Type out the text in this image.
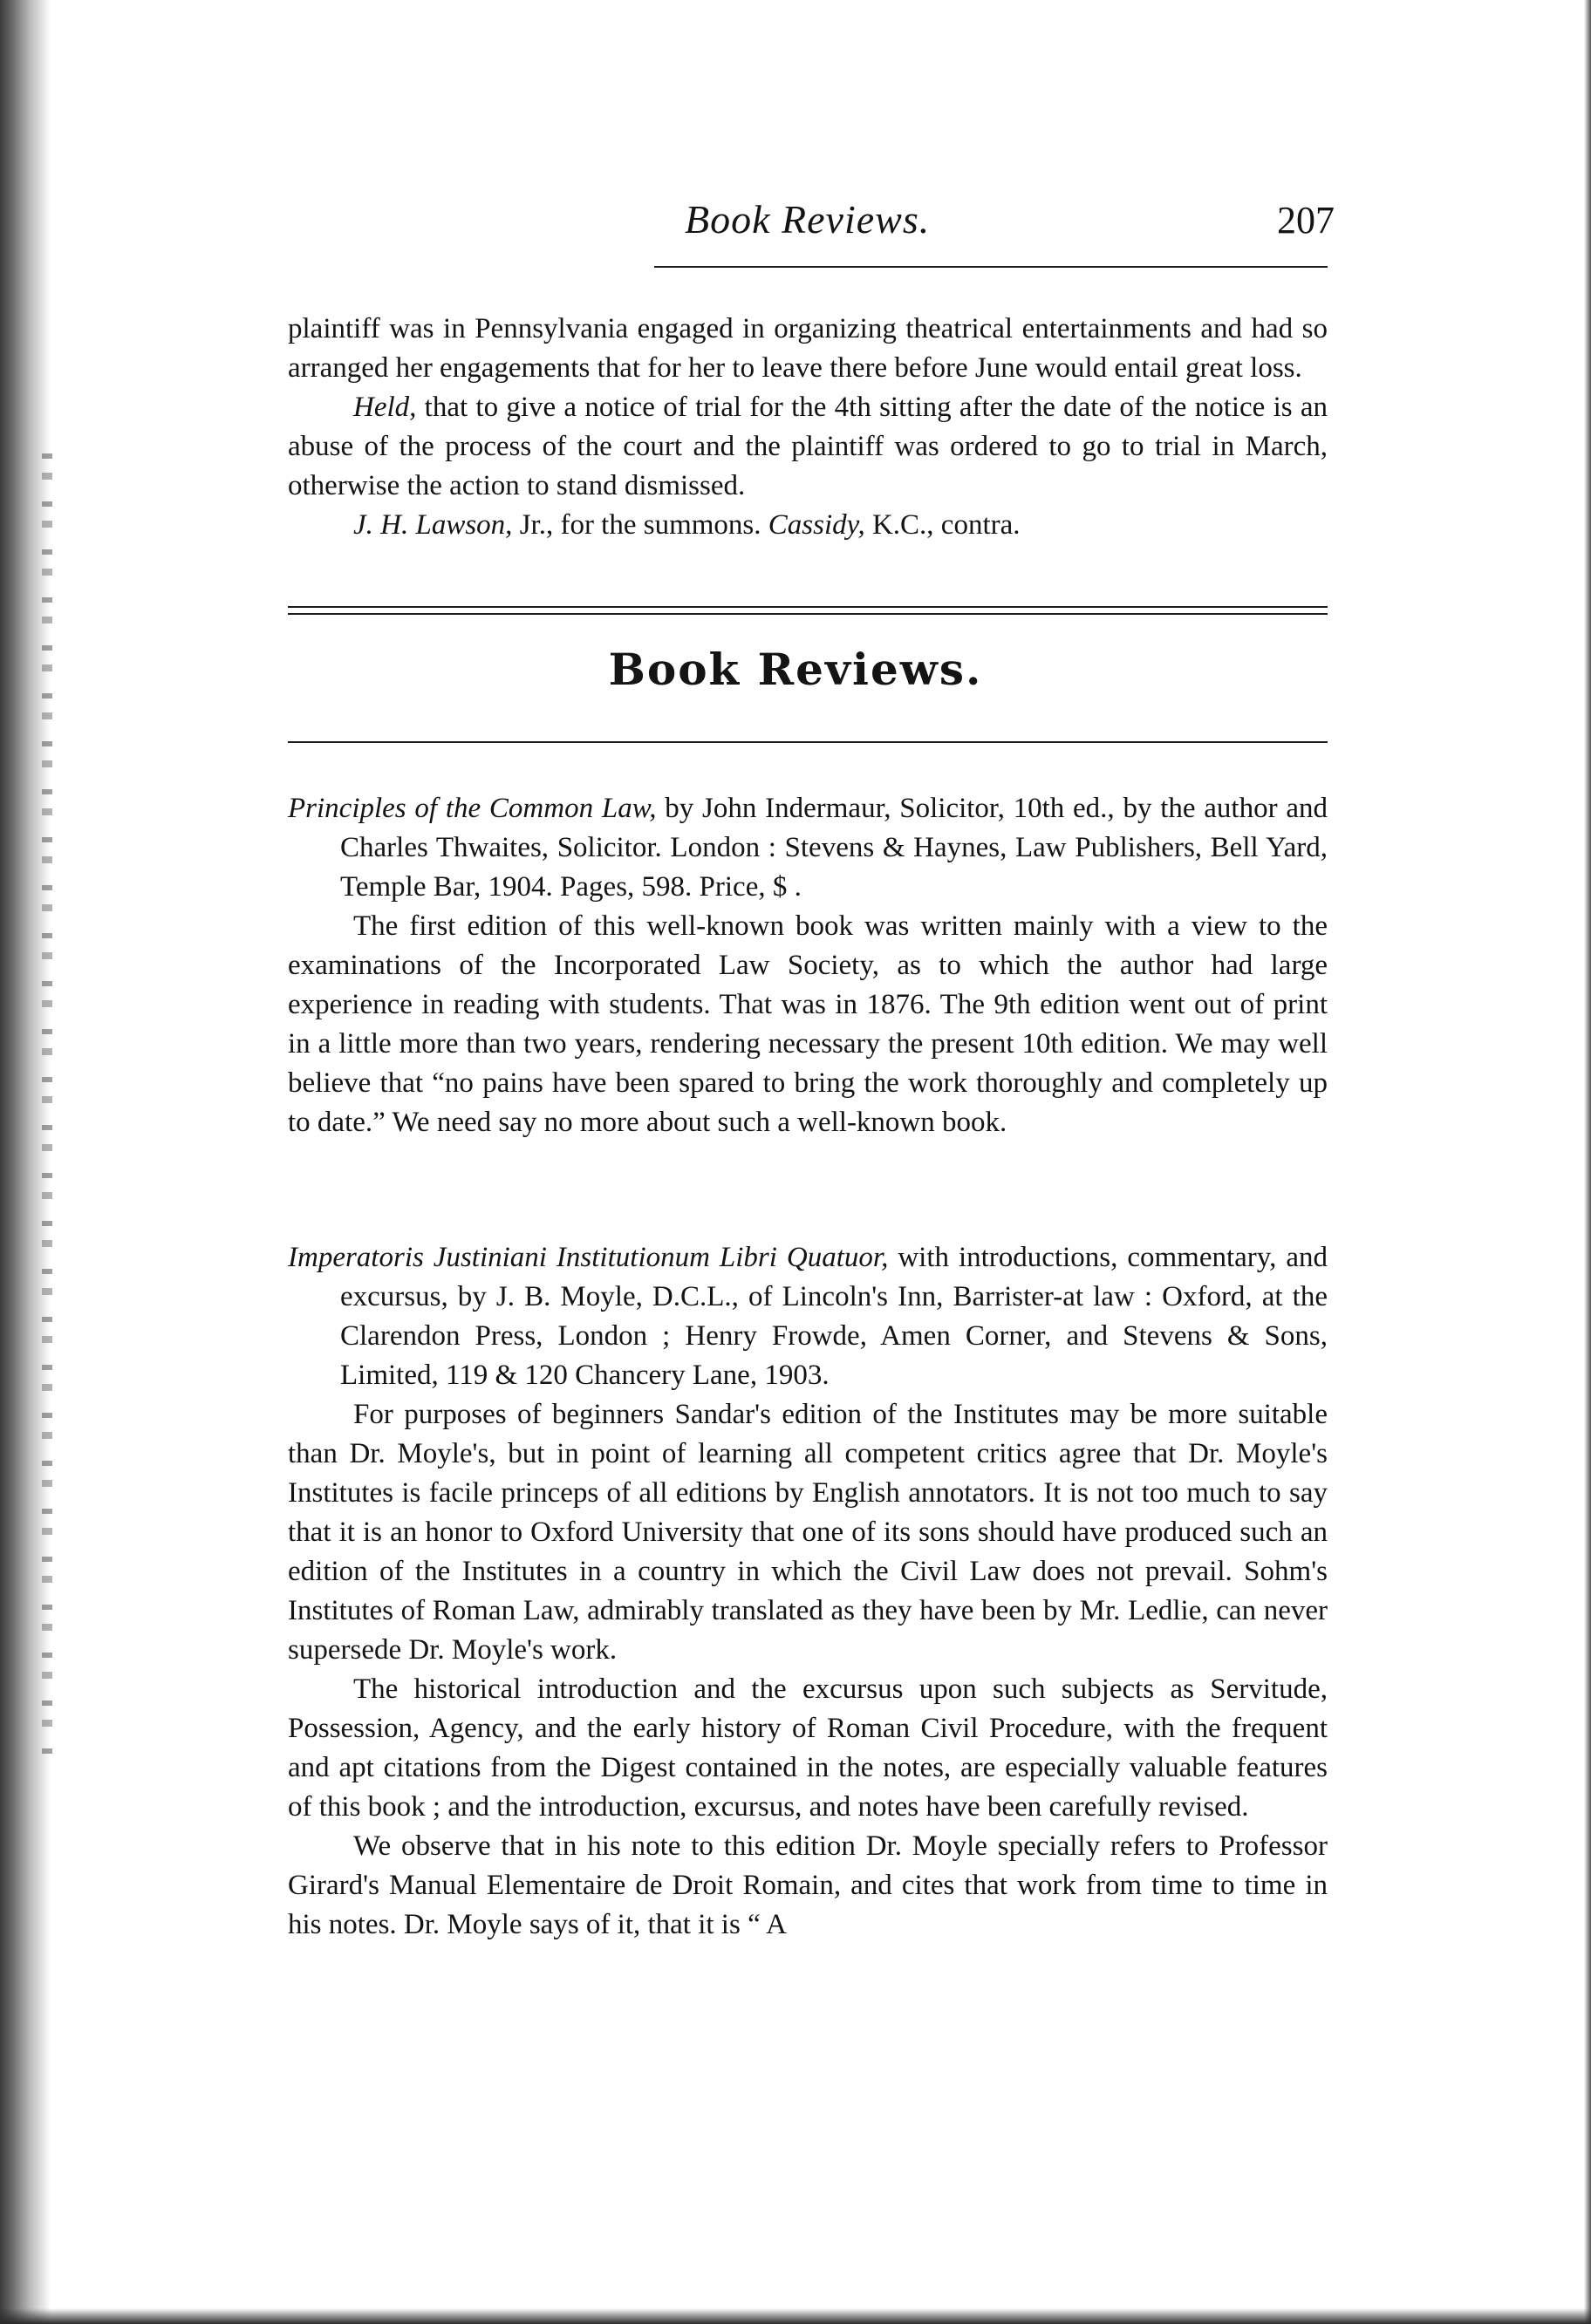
Book Reviews.	207

plaintiff was in Pennsylvania engaged in organizing theatrical entertainments and had so arranged her engagements that for her to leave there before June would entail great loss.

Held, that to give a notice of trial for the 4th sitting after the date of the notice is an abuse of the process of the court and the plaintiff was ordered to go to trial in March, otherwise the action to stand dismissed.

J. H. Lawson, Jr., for the summons. Cassidy, K.C., contra.

Book Reviews.

Principles of the Common Law, by John Indermaur, Solicitor, 10th ed., by the author and Charles Thwaites, Solicitor. London : Stevens & Haynes, Law Publishers, Bell Yard, Temple Bar, 1904. Pages, 598. Price, $ .

The first edition of this well-known book was written mainly with a view to the examinations of the Incorporated Law Society, as to which the author had large experience in reading with students. That was in 1876. The 9th edition went out of print in a little more than two years, rendering necessary the present 10th edition. We may well believe that “no pains have been spared to bring the work thoroughly and completely up to date.” We need say no more about such a well-known book.

Imperatoris Justiniani Institutionum Libri Quatuor, with introductions, commentary, and excursus, by J. B. Moyle, D.C.L., of Lincoln's Inn, Barrister-at law : Oxford, at the Clarendon Press, London ; Henry Frowde, Amen Corner, and Stevens & Sons, Limited, 119 & 120 Chancery Lane, 1903.

For purposes of beginners Sandar's edition of the Institutes may be more suitable than Dr. Moyle's, but in point of learning all competent critics agree that Dr. Moyle's Institutes is facile princeps of all editions by English annotators. It is not too much to say that it is an honor to Oxford University that one of its sons should have produced such an edition of the Institutes in a country in which the Civil Law does not prevail. Sohm's Institutes of Roman Law, admirably translated as they have been by Mr. Ledlie, can never supersede Dr. Moyle's work.

The historical introduction and the excursus upon such subjects as Servitude, Possession, Agency, and the early history of Roman Civil Procedure, with the frequent and apt citations from the Digest contained in the notes, are especially valuable features of this book ; and the introduction, excursus, and notes have been carefully revised.

We observe that in his note to this edition Dr. Moyle specially refers to Professor Girard's Manual Elementaire de Droit Romain, and cites that work from time to time in his notes. Dr. Moyle says of it, that it is “ A
